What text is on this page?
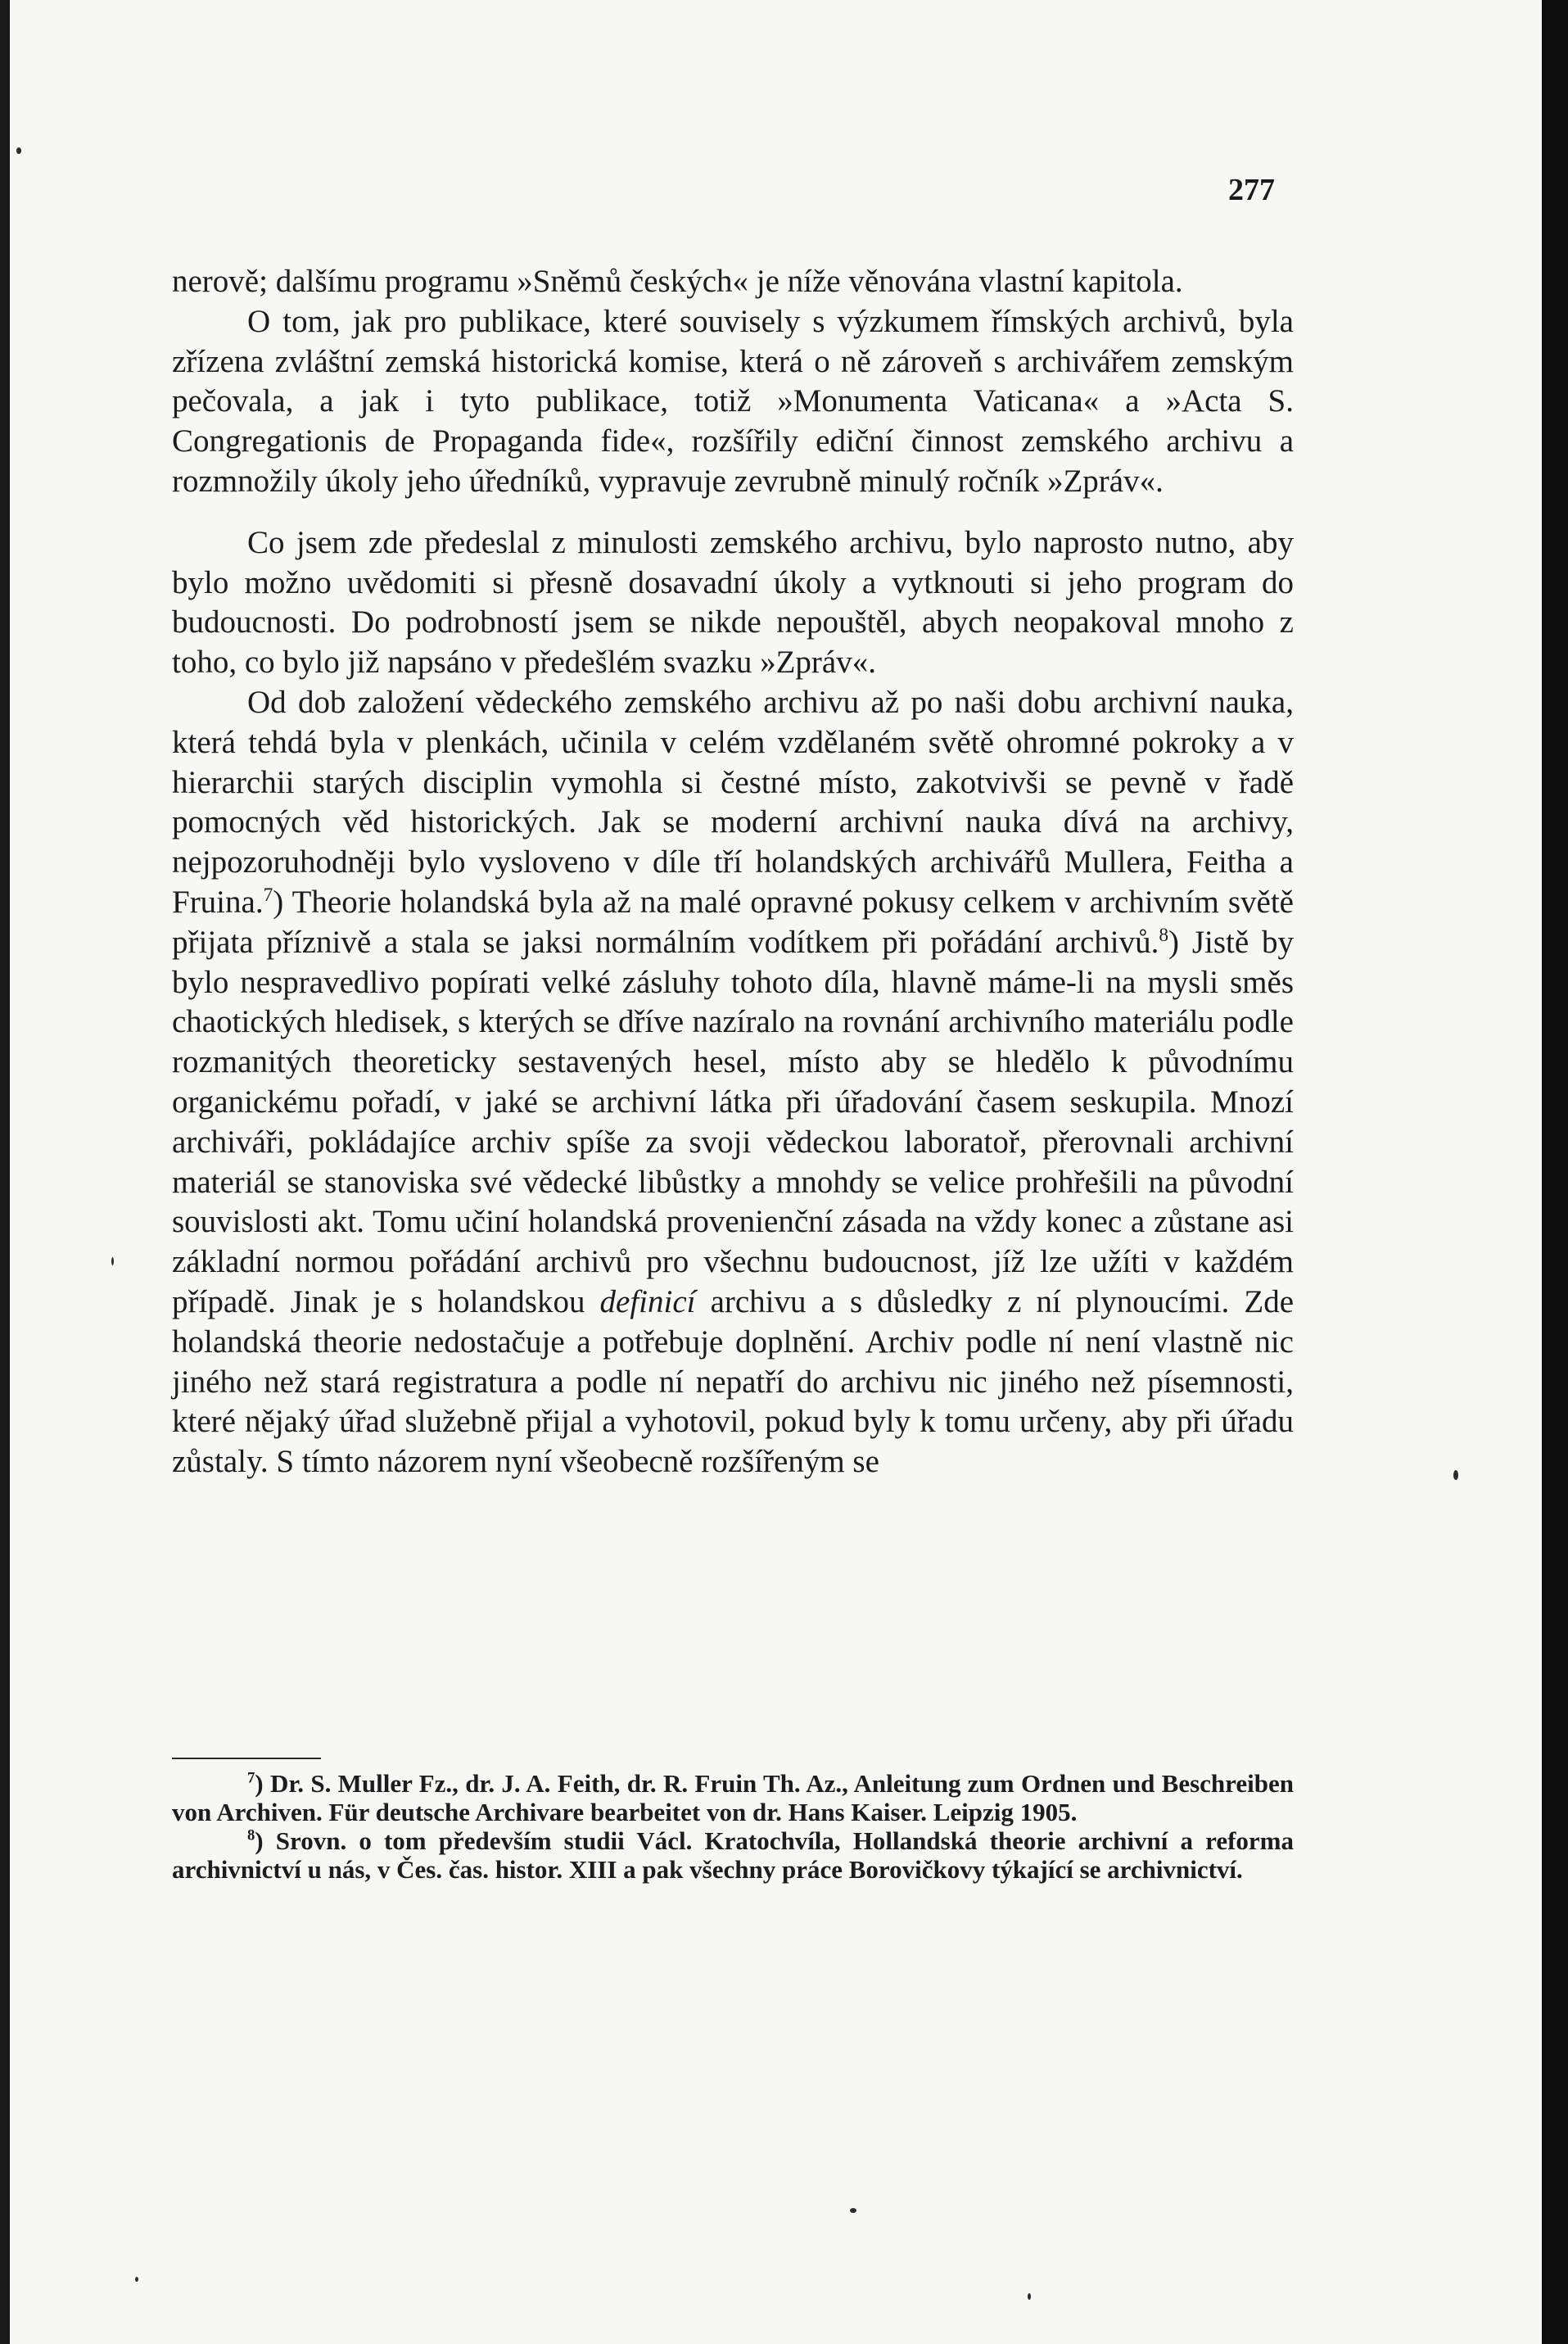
277

nerově; dalšímu programu »Sněmů českých« je níže věnována vlastní kapitola.

O tom, jak pro publikace, které souvisely s výzkumem římských archivů, byla zřízena zvláštní zemská historická komise, která o ně zároveň s archivářem zemským pečovala, a jak i tyto publikace, totiž »Monumenta Vaticana« a »Acta S. Congregationis de Propaganda fide«, rozšířily ediční činnost zemského archivu a rozmnožily úkoly jeho úředníků, vypravuje zevrubně minulý ročník »Zpráv«.

Co jsem zde předeslal z minulosti zemského archivu, bylo naprosto nutno, aby bylo možno uvědomiti si přesně dosavadní úkoly a vytknouti si jeho program do budoucnosti. Do podrobností jsem se nikde nepouštěl, abych neopakoval mnoho z toho, co bylo již napsáno v předešlém svazku »Zpráv«.

Od dob založení vědeckého zemského archivu až po naši dobu archivní nauka, která tehdá byla v plenkách, učinila v celém vzdělaném světě ohromné pokroky a v hierarchii starých disciplin vymohla si čestné místo, zakotvivši se pevně v řadě pomocných věd historických. Jak se moderní archivní nauka dívá na archivy, nejpozoruhodněji bylo vysloveno v díle tří holandských archivářů Mullera, Feitha a Fruina.$^7$) Theorie holandská byla až na malé opravné pokusy celkem v archivním světě přijata příznivě a stala se jaksi normálním vodítkem při pořádání archivů.$^8$) Jistě by bylo nespravedlivo popírati velké zásluhy tohoto díla, hlavně máme-li na mysli směs chaotických hledisek, s kterých se dříve nazíralo na rovnání archivního materiálu podle rozmanitých theoreticky sestavených hesel, místo aby se hledělo k původnímu organickému pořadí, v jaké se archivní látka při úřadování časem seskupila. Mnozí archiváři, pokládajíce archiv spíše za svoji vědeckou laboratoř, přerovnali archivní materiál se stanoviska své vědecké libůstky a mnohdy se velice prohřešili na původní souvislosti akt. Tomu učiní holandská provenienční zásada na vždy konec a zůstane asi základní normou pořádání archivů pro všechnu budoucnost, jíž lze užíti v každém případě. Jinak je s holandskou definicí archivu a s důsledky z ní plynoucími. Zde holandská theorie nedostačuje a potřebuje doplnění. Archiv podle ní není vlastně nic jiného než stará registratura a podle ní nepatří do archivu nic jiného než písemnosti, které nějaký úřad služebně přijal a vyhotovil, pokud byly k tomu určeny, aby při úřadu zůstaly. S tímto názorem nyní všeobecně rozšířeným se

$^7$) Dr. S. Muller Fz., dr. J. A. Feith, dr. R. Fruin Th. Az., Anleitung zum Ordnen und Beschreiben von Archiven. Für deutsche Archivare bearbeitet von dr. Hans Kaiser. Leipzig 1905.

$^8$) Srovn. o tom především studii Václ. Kratochvíla, Hollandská theorie archivní a reforma archivnictví u nás, v Čes. čas. histor. XIII a pak všechny práce Borovičkovy týkající se archivnictví.
